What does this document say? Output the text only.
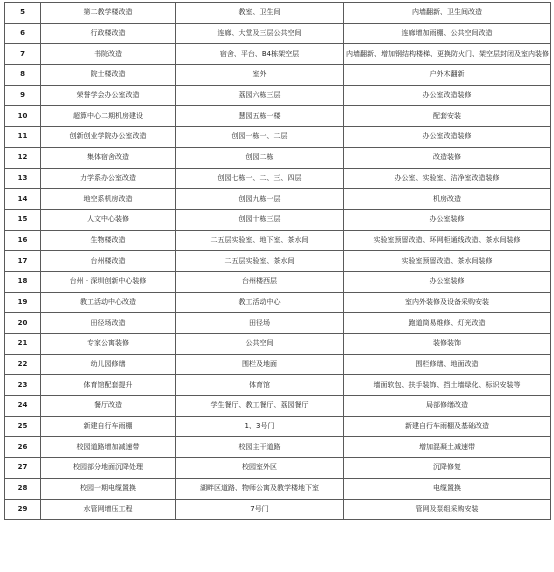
5	第二教学楼改造	教室、卫生间	内墙翻新、卫生间改造
6	行政楼改造	连廊、大堂及三层公共空间	连廊增加雨棚、公共空间改造
7	书院改造	宿舍、平台、B4栋架空层	内墙翻新、增加钢结构楼梯、更换防火门、架空层封闭及室内装修
8	院士楼改造	室外	户外木翻新
9	荣誉学会办公室改造	荔园六栋三层	办公室改造装修
10	超算中心二期机房建设	慧园五栋一楼	配套安装
11	创新创业学院办公室改造	创园一栋一、二层	办公室改造装修
12	集体宿舍改造	创园二栋	改造装修
13	力学系办公室改造	创园七栋一、二、三、四层	办公室、实验室、洁净室改造装修
14	地空系机房改造	创园九栋一层	机房改造
15	人文中心装修	创园十栋三层	办公室装修
16	生物楼改造	二五层实验室、地下室、茶水间	实验室预留改造、环网柜通线改造、茶水间装修
17	台州楼改造	二五层实验室、茶水间	实验室预留改造、茶水间装修
18	台州 · 深圳创新中心装修	台州楼西层	办公室装修
19	教工活动中心改造	教工活动中心	室内外装修及设备采购安装
20	田径场改造	田径场	跑道筒易维修、灯光改造
21	专家公寓装修	公共空间	装修装饰
22	幼儿园修缮	围栏及地面	围栏修缮、地面改造
23	体育馆配套提升	体育馆	墙面软包、扶手装饰、挡土墙绿化、标识安装等
24	餐厅改造	学生餐厅、教工餐厅、荔园餐厅	局部修缮改造
25	新建自行车雨棚	1、3号门	新建自行车雨棚及基础改造
26	校园道路增加减速带	校园主干道路	增加混凝土减速带
27	校园部分地面沉降处理	校园室外区	沉降修复
28	校园一期电缆置换	湖畔区道路、物师公寓及教学楼地下室	电缆置换
29	水管网增压工程	7号门	管网及泵组采购安装
